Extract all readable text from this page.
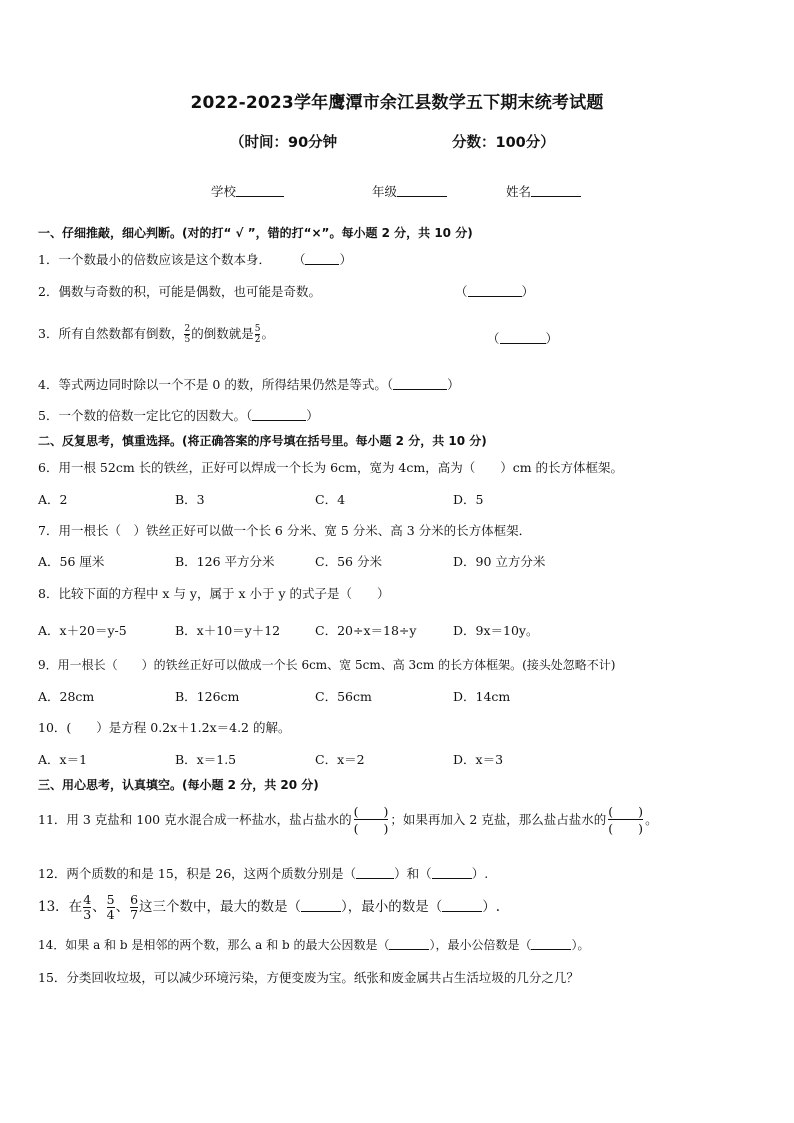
2022-2023学年鹰潭市余江县数学五下期末统考试题
（时间：90分钟	分数：100分）
学校	年级	姓名
一、仔细推敲，细心判断。(对的打“ √ ”，错的打“×”。每小题 2 分，共 10 分)
1．一个数最小的倍数应该是这个数本身． （	）
2．偶数与奇数的积，可能是偶数，也可能是奇数。	（	）
3．所有自然数都有倒数， $\frac{2}{5}$ 的倒数就是 $\frac{5}{2}$ 。	（	）
4．等式两边同时除以一个不是 0 的数，所得结果仍然是等式。（	）
5．一个数的倍数一定比它的因数大。（	）
二、反复思考，慎重选择。(将正确答案的序号填在括号里。每小题 2 分，共 10 分)
6．用一根 52cm 长的铁丝，正好可以焊成一个长为 6cm，宽为 4cm，高为（　　）cm 的长方体框架。
A．2	B．3	C．4	D．5
7．用一根长（　）铁丝正好可以做一个长 6 分米、宽 5 分米、高 3 分米的长方体框架．
A．56 厘米	B．126 平方分米	C．56 分米	D．90 立方分米
8．比较下面的方程中 x 与 y，属于 x 小于 y 的式子是（　　）
A．x＋20＝y-5	B．x＋10＝y＋12	C．20÷x＝18÷y	D．9x＝10y。
9．用一根长（　　）的铁丝正好可以做成一个长 6cm、宽 5cm、高 3cm 的长方体框架。(接头处忽略不计)
A．28cm	B．126cm	C．56cm	D．14cm
10．(　　）是方程 0.2x＋1.2x＝4.2 的解。
A．x＝1	B．x＝1.5	C．x＝2	D．x＝3
三、用心思考，认真填空。(每小题 2 分，共 20 分)
11．用 3 克盐和 100 克水混合成一杯盐水，盐占盐水的
(　　)
(　　)
；如果再加入 2 克盐，那么盐占盐水的
(　　)
(　　)
。
12．两个质数的和是 15，积是 26，这两个质数分别是（	）和（	）.
13．在 $\frac{4}{3}$ 、 $\frac{5}{4}$ 、 $\frac{6}{7}$ 这三个数中，最大的数是（	），最小的数是（	）.
14．如果 a 和 b 是相邻的两个数，那么 a 和 b 的最大公因数是（	），最小公倍数是（	）。
15．分类回收垃圾，可以减少环境污染，方便变废为宝。纸张和废金属共占生活垃圾的几分之几？
